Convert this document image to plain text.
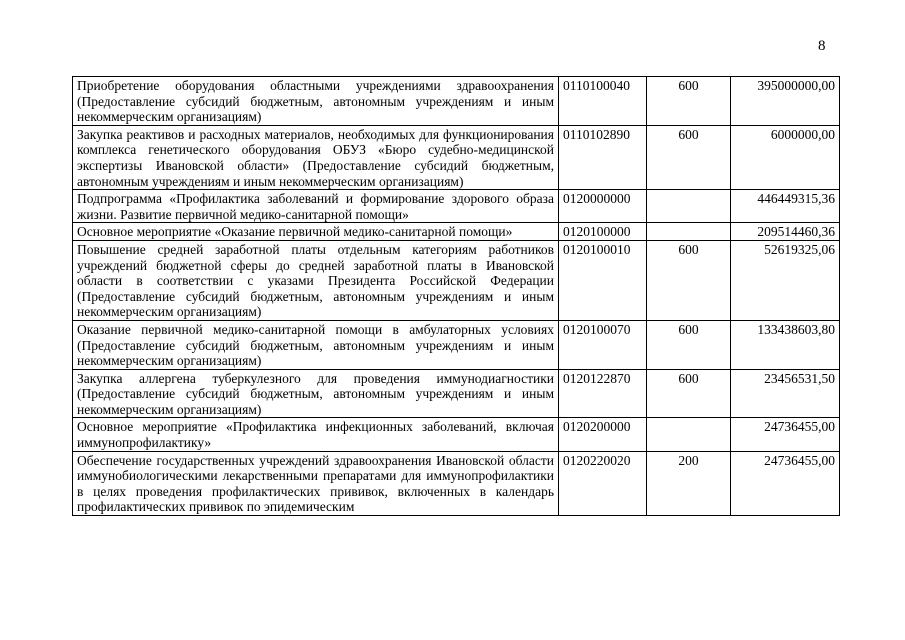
8
Приобретение оборудования областными учреждениями здравоохранения (Предоставление субсидий бюджетным, автономным учреждениям и иным некоммерческим организациям)	0110100040	600	395000000,00
Закупка реактивов и расходных материалов, необходимых для функционирования комплекса генетического оборудования ОБУЗ «Бюро судебно-медицинской экспертизы Ивановской области» (Предоставление субсидий бюджетным, автономным учреждениям и иным некоммерческим организациям)	0110102890	600	6000000,00
Подпрограмма «Профилактика заболеваний и формирование здорового образа жизни. Развитие первичной медико-санитарной помощи»	0120000000		446449315,36
Основное мероприятие «Оказание первичной медико-санитарной помощи»	0120100000		209514460,36
Повышение средней заработной платы отдельным категориям работников учреждений бюджетной сферы до средней заработной платы в Ивановской области в соответствии с указами Президента Российской Федерации (Предоставление субсидий бюджетным, автономным учреждениям и иным некоммерческим организациям)	0120100010	600	52619325,06
Оказание первичной медико-санитарной помощи в амбулаторных условиях (Предоставление субсидий бюджетным, автономным учреждениям и иным некоммерческим организациям)	0120100070	600	133438603,80
Закупка аллергена туберкулезного для проведения иммунодиагностики (Предоставление субсидий бюджетным, автономным учреждениям и иным некоммерческим организациям)	0120122870	600	23456531,50
Основное мероприятие «Профилактика инфекционных заболеваний, включая иммунопрофилактику»	0120200000		24736455,00
Обеспечение государственных учреждений здравоохранения Ивановской области иммунобиологическими лекарственными препаратами для иммунопрофилактики в целях проведения профилактических прививок, включенных в календарь профилактических прививок по эпидемическим	0120220020	200	24736455,00
